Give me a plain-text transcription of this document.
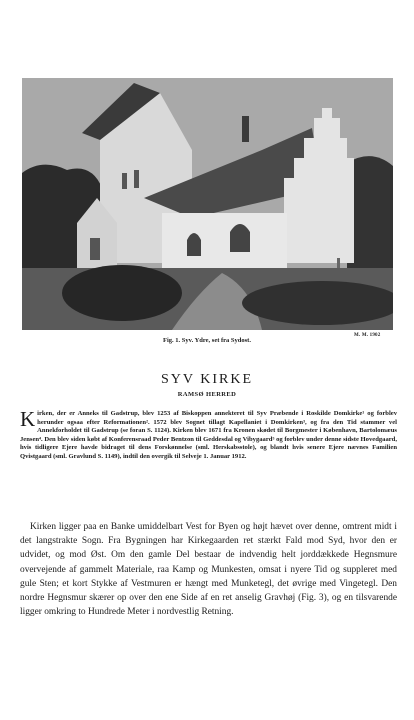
M. M. 1902
Fig. 1. Syv. Ydre, set fra Sydost.
SYV KIRKE
RAMSØ HERRED
K irken, der er Anneks til Gadstrup, blev 1253 af Biskoppen annekteret til Syv Præbende i Roskilde Domkirke¹ og forblev herunder ogsaa efter Reformationen². 1572 blev Sognet tillagt Kapellaniet i Domkirken³, og fra den Tid stammer vel Annekforholdet til Gadstrup (se foran S. 1124). Kirken blev 1671 fra Kronen skødet til Borgmester i København, Bartolomæus Jensen⁴. Den blev siden købt af Konferensraad Peder Bentzon til Geddesdal og Vibygaard⁵ og forblev under denne sidste Hovedgaard, hvis tidligere Ejere havde bidraget til dens Forskønnelse (sml. Herskabsstole), og blandt hvis senere Ejere nævnes Familien Qvistgaard (sml. Gravlund S. 1149), indtil den overgik til Selveje 1. Januar 1912.
Kirken ligger paa en Banke umiddelbart Vest for Byen og højt hævet over denne, omtrent midt i det langstrakte Sogn. Fra Bygningen har Kirkegaarden ret stærkt Fald mod Syd, hvor den er udvidet, og mod Øst. Om den gamle Del bestaar de indvendig helt jorddækkede Hegnsmure overvejende af gammelt Materiale, raa Kamp og Munkesten, omsat i nyere Tid og suppleret med gule Sten; et kort Stykke af Vestmuren er hængt med Munketegl, det øvrige med Vingetegl. Den nordre Hegnsmur skærer op over den ene Side af en ret anselig Gravhøj (Fig. 3), og en tilsvarende ligger omkring to Hundrede Meter i nordvestlig Retning.
